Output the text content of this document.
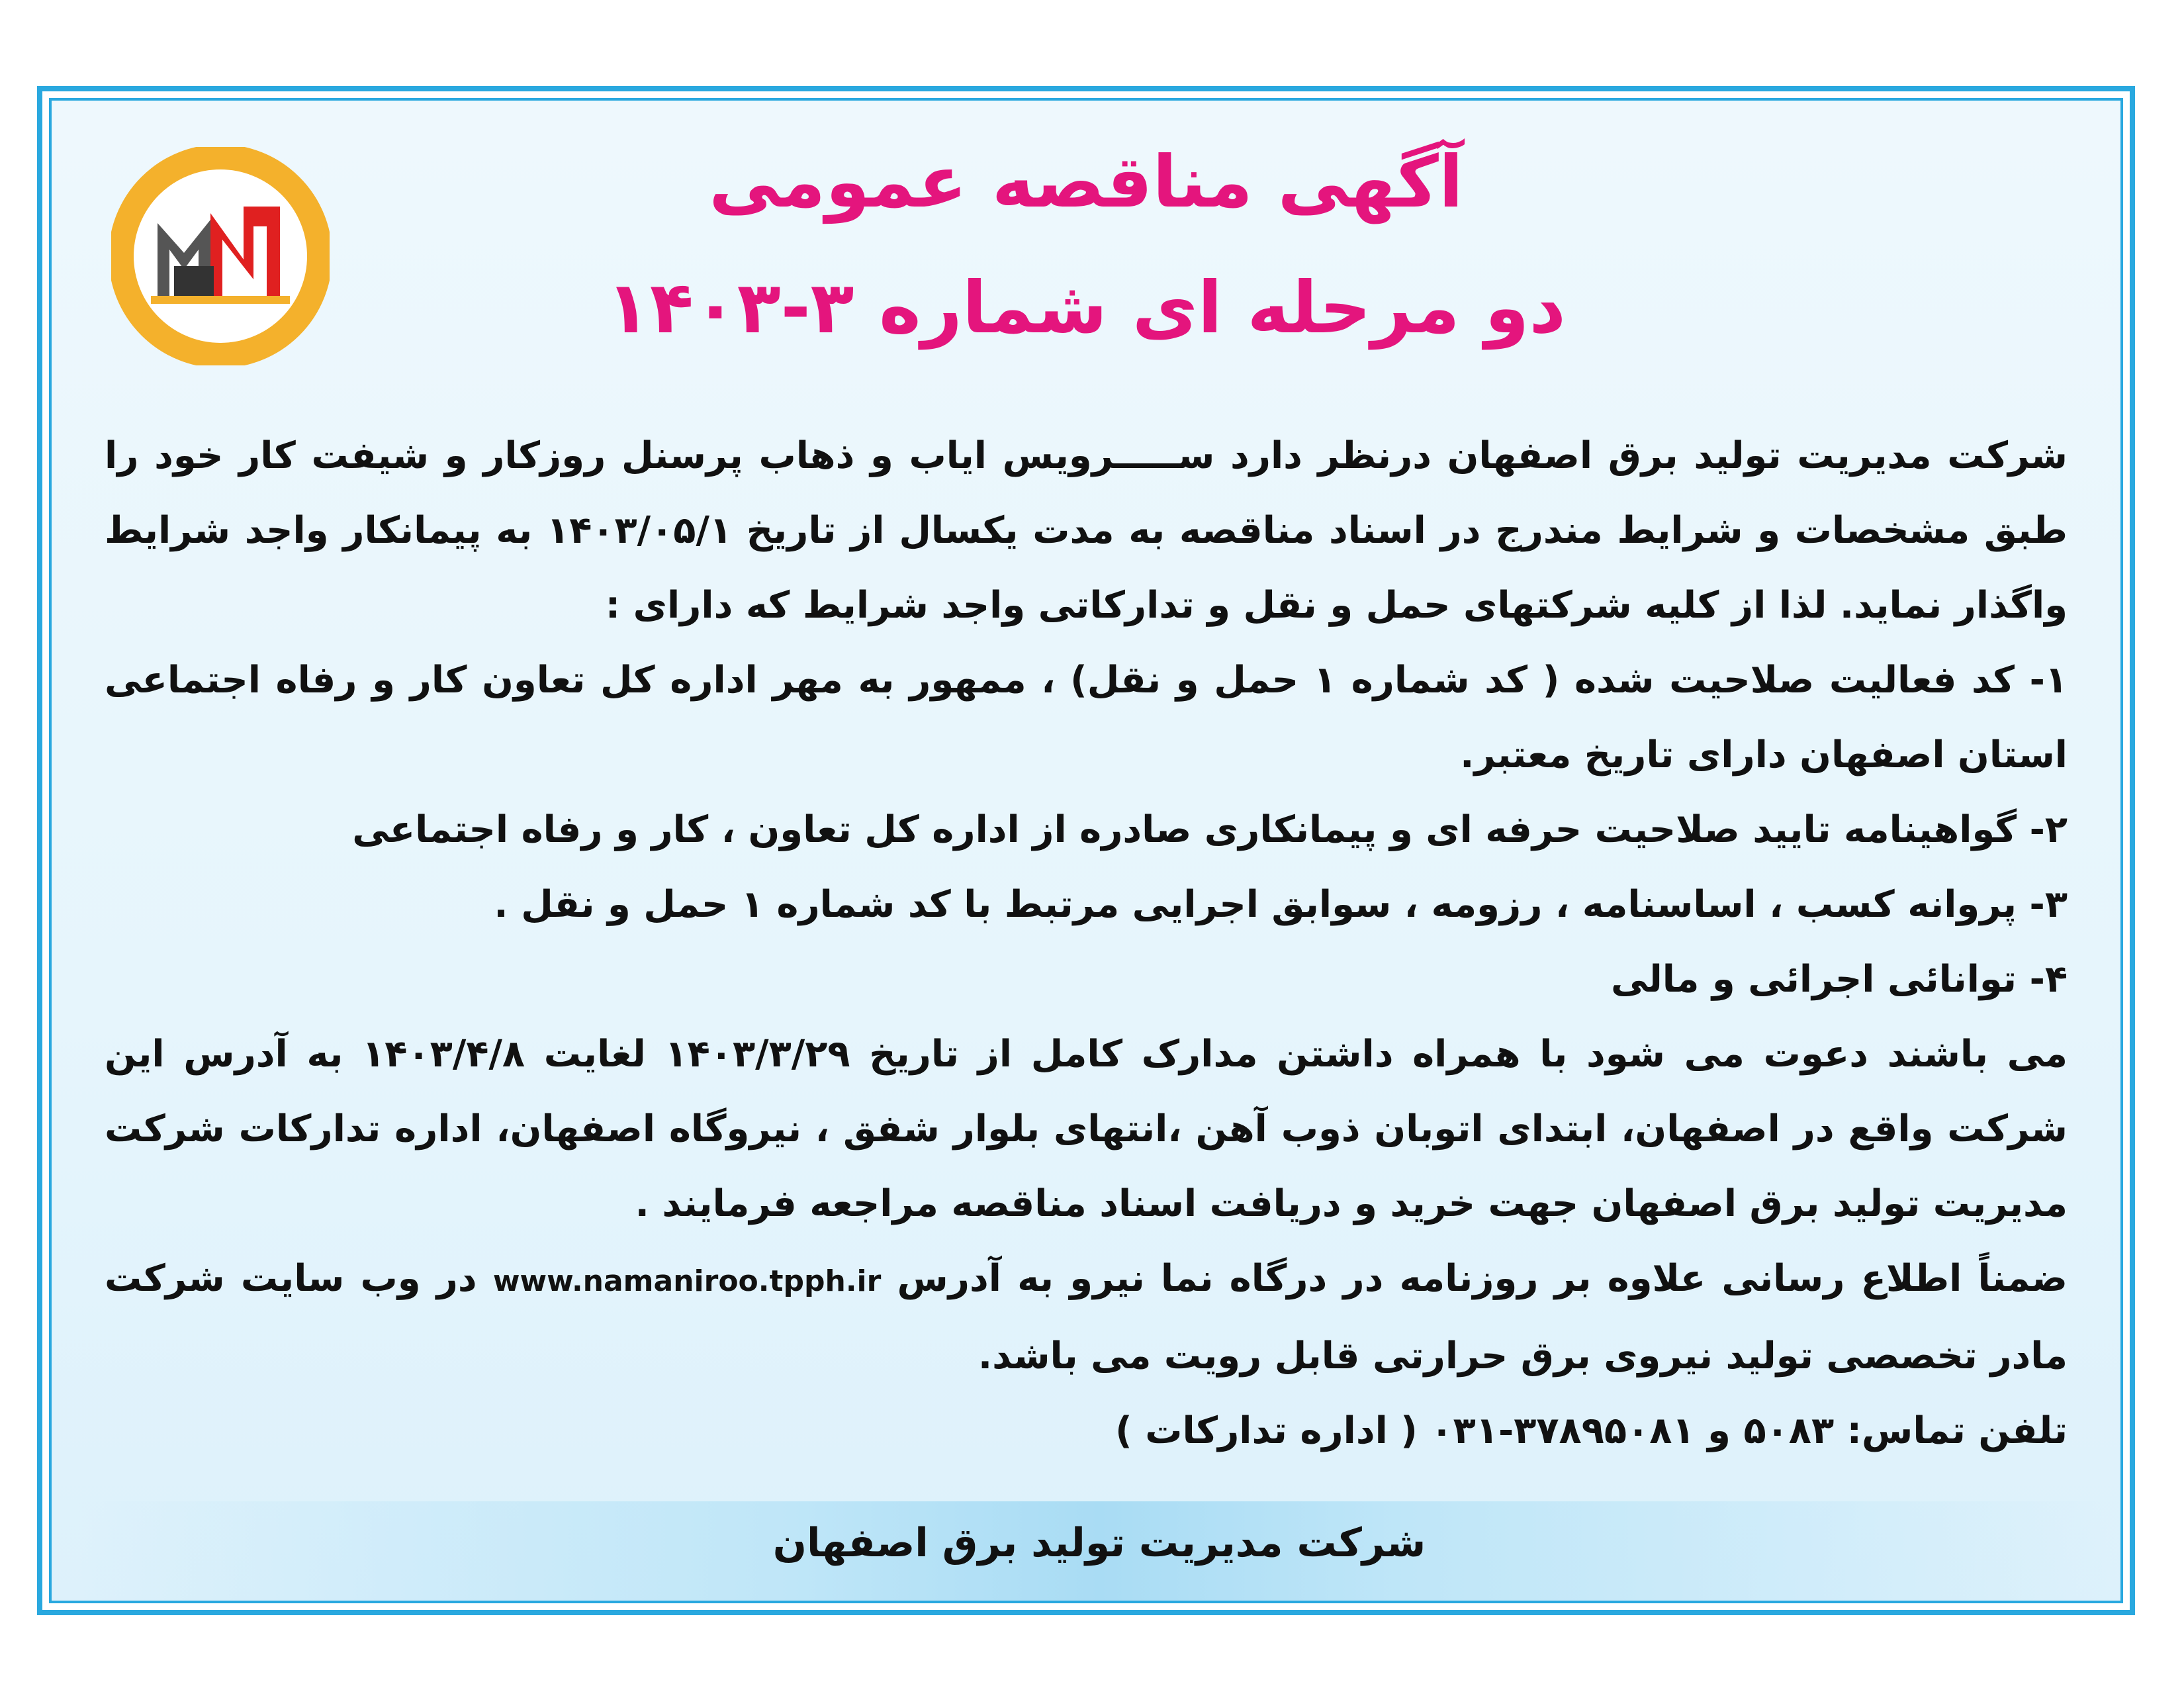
آگهی مناقصه عمومی
دو مرحله ای شماره ۳-۱۴۰۳

شرکت مدیریت تولید برق اصفهان درنظر دارد ســـــرویس ایاب و ذهاب پرسنل روزکار و شیفت کار خود را طبق مشخصات و شرایط مندرج در اسناد مناقصه به مدت یکسال از تاریخ ۱۴۰۳/۰۵/۱ به پیمانکار واجد شرایط واگذار نماید. لذا از کلیه شرکتهای حمل و نقل و تدارکاتی واجد شرایط که دارای :

۱- کد فعالیت صلاحیت شده ( کد شماره ۱ حمل و نقل) ، ممهور به مهر اداره کل تعاون کار و رفاه اجتماعی استان اصفهان دارای تاریخ معتبر.

۲- گواهینامه تایید صلاحیت حرفه ای و پیمانکاری صادره از اداره کل تعاون ، کار و رفاه اجتماعی

۳- پروانه کسب ، اساسنامه ، رزومه ، سوابق اجرایی مرتبط با کد شماره ۱ حمل و نقل .

۴- توانائی اجرائی و مالی

می باشند دعوت می شود با همراه داشتن مدارک کامل از تاریخ ۱۴۰۳/۳/۲۹ لغایت ۱۴۰۳/۴/۸ به آدرس این شرکت واقع در اصفهان، ابتدای اتوبان ذوب آهن ،انتهای بلوار شفق ، نیروگاه اصفهان، اداره تدارکات شرکت مدیریت تولید برق اصفهان جهت خرید و دریافت اسناد مناقصه مراجعه فرمایند .

ضمناً اطلاع رسانی علاوه بر روزنامه در درگاه نما نیرو به آدرس www.namaniroo.tpph.ir در وب سایت شرکت مادر تخصصی تولید نیروی برق حرارتی قابل رویت می باشد.

تلفن تماس: ۵۰۸۳ و ۳۷۸۹۵۰۸۱-۰۳۱ ( اداره تدارکات )

شرکت مدیریت تولید برق اصفهان
